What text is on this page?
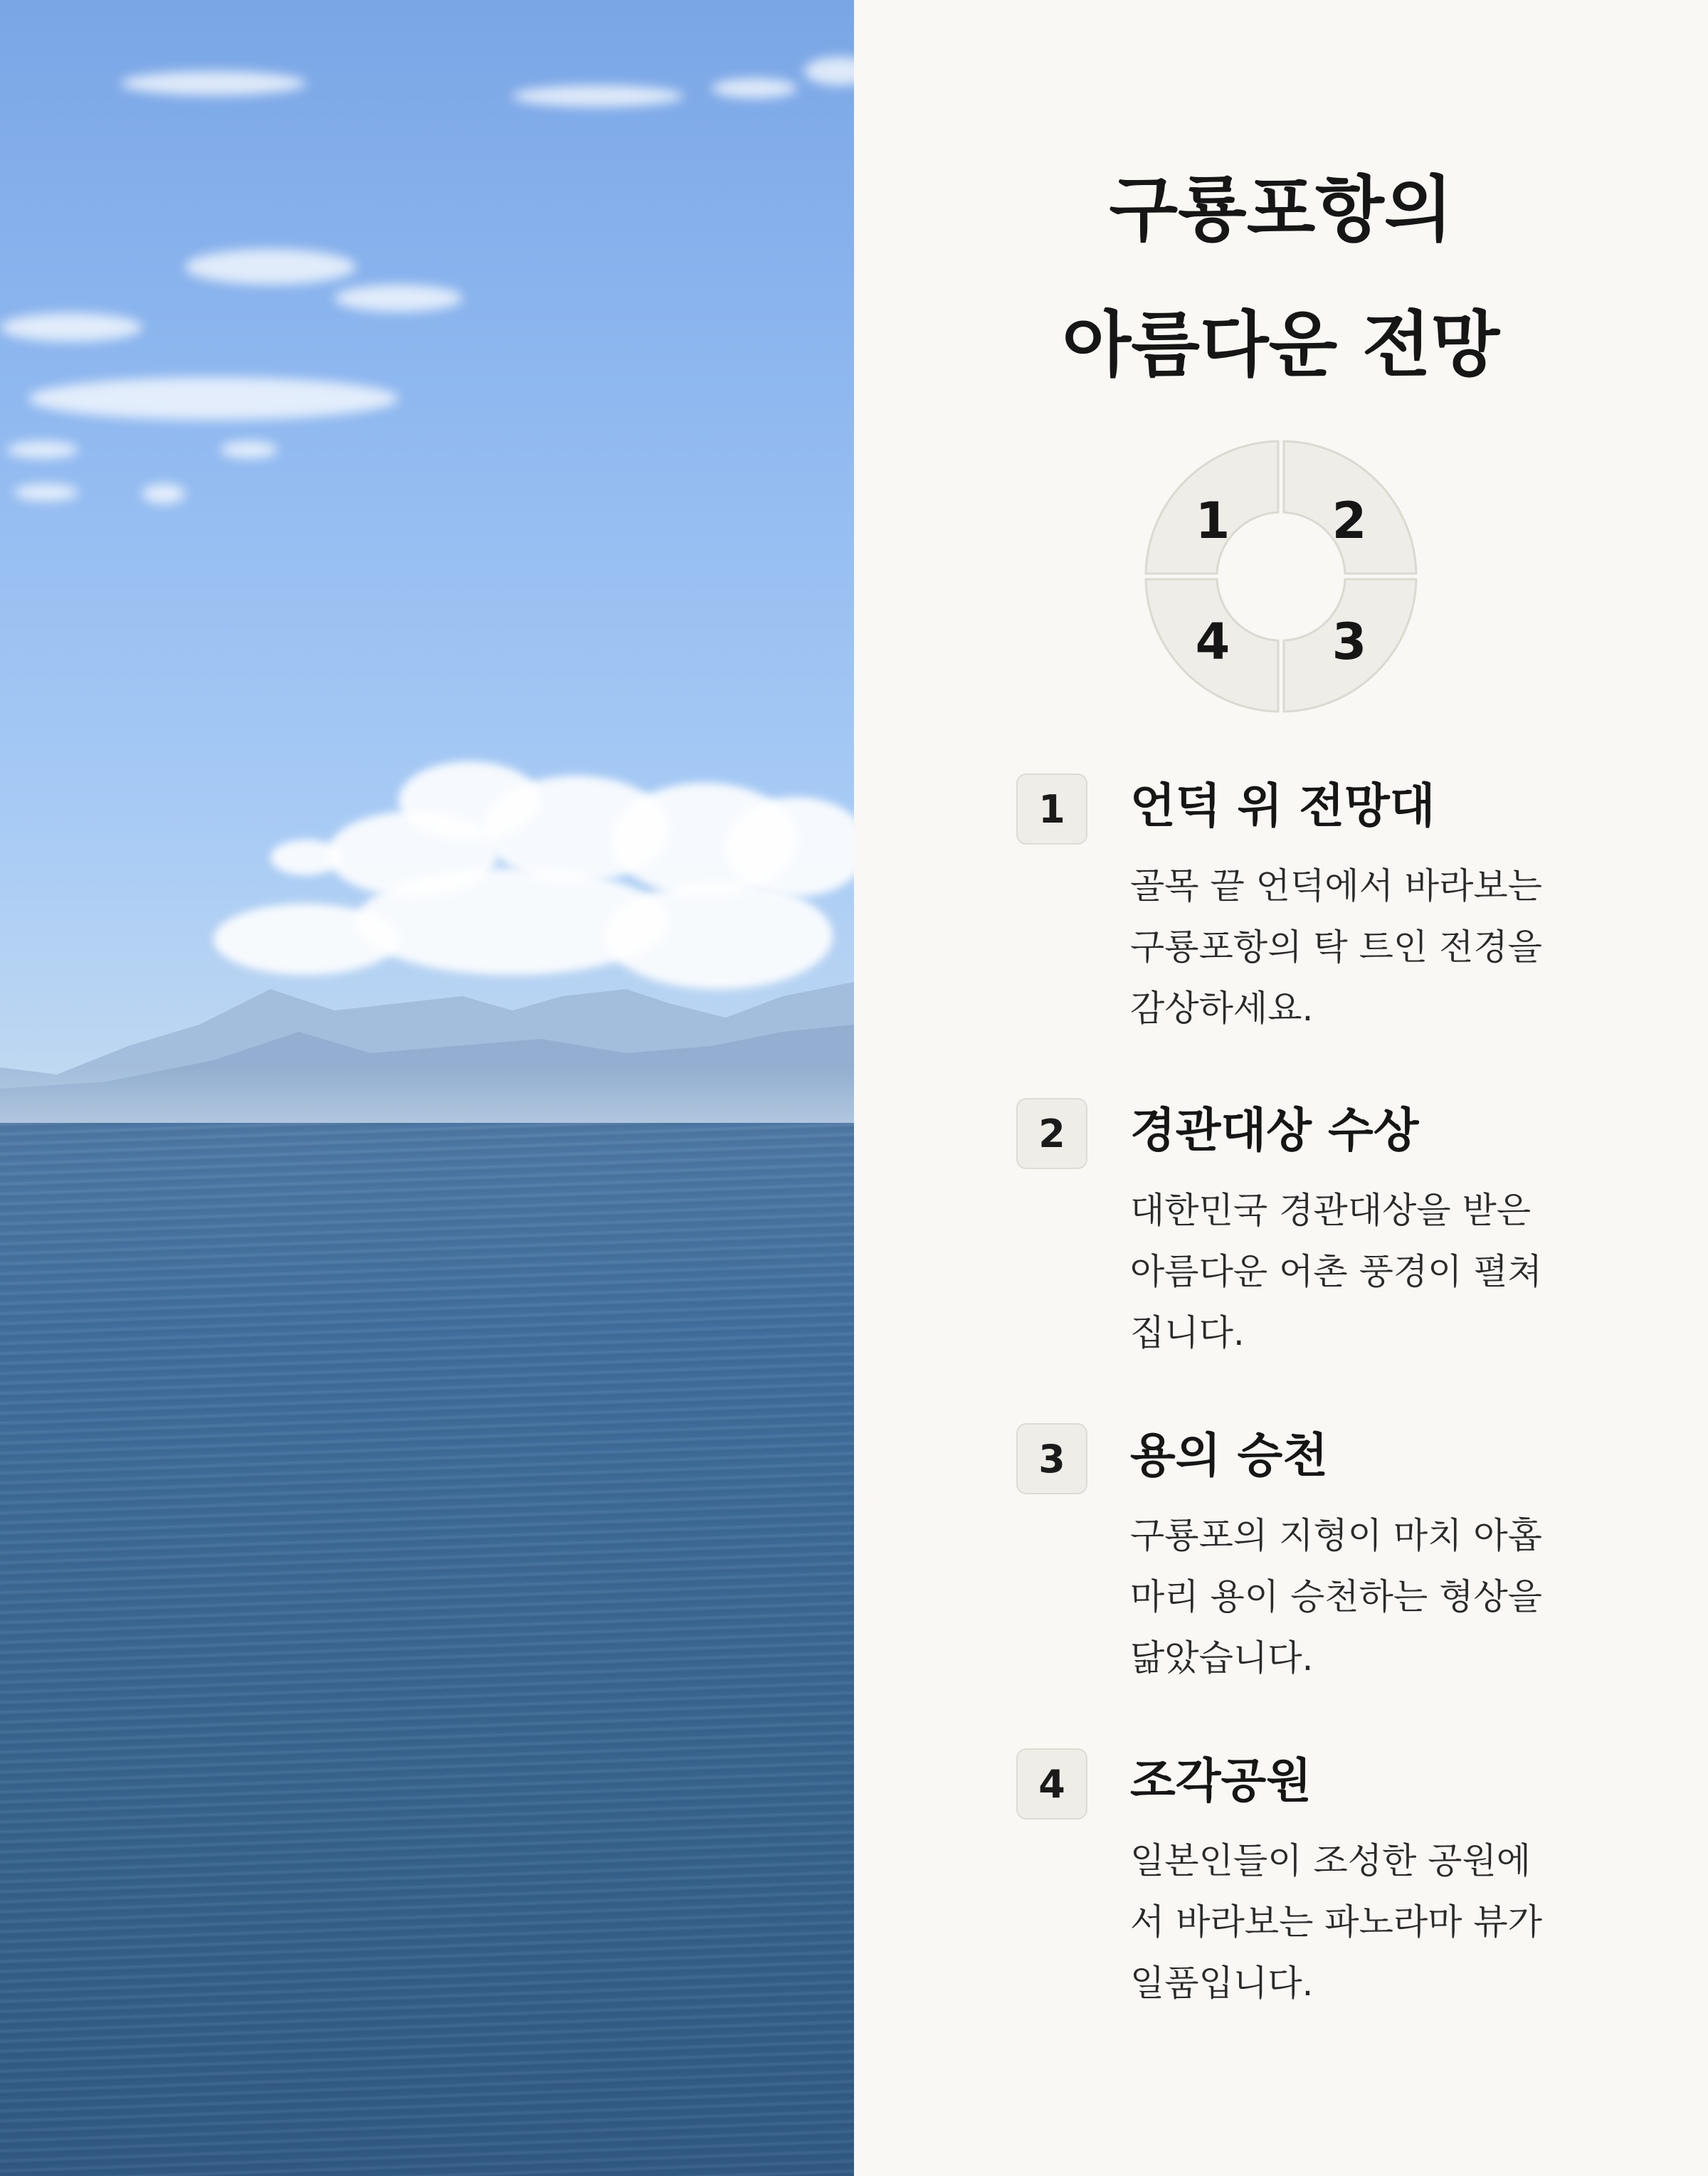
구룡포항의
아름다운 전망
1 2
3
4
1	언덕 위 전망대
골목 끝 언덕에서 바라보는
구룡포항의 탁 트인 전경을
감상하세요.
2	경관대상 수상
대한민국 경관대상을 받은
아름다운 어촌 풍경이 펼쳐
집니다.
3	용의 승천
구룡포의 지형이 마치 아홉
마리 용이 승천하는 형상을
닮았습니다.
4	조각공원
일본인들이 조성한 공원에
서 바라보는 파노라마 뷰가
일품입니다.
